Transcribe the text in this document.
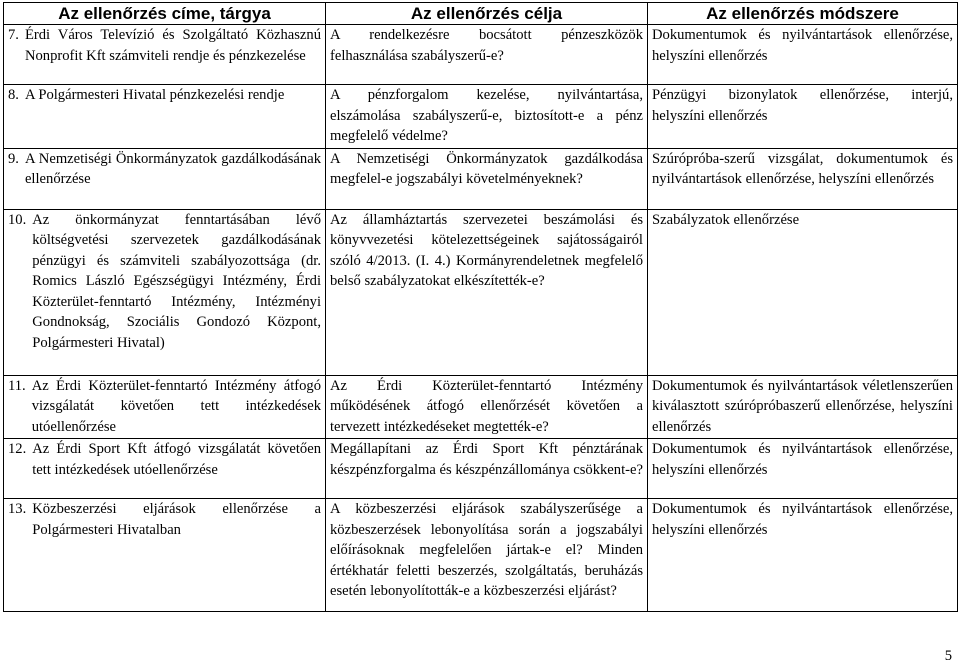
Az ellenőrzés címe, tárgya	Az ellenőrzés célja	Az ellenőrzés módszere

7. Érdi Város Televízió és Szolgáltató Közhasznú Nonprofit Kft számviteli rendje és pénzkezelése	A rendelkezésre bocsátott pénzeszközök felhasználása szabályszerű-e?	Dokumentumok és nyilvántartások ellenőrzése, helyszíni ellenőrzés

8. A Polgármesteri Hivatal pénzkezelési rendje	A pénzforgalom kezelése, nyilvántartása, elszámolása szabályszerű-e, biztosított-e a pénz megfelelő védelme?	Pénzügyi bizonylatok ellenőrzése, interjú, helyszíni ellenőrzés

9. A Nemzetiségi Önkormányzatok gazdálkodásának ellenőrzése	A Nemzetiségi Önkormányzatok gazdálkodása megfelel-e jogszabályi követelményeknek?	Szúrópróba-szerű vizsgálat, dokumentumok és nyilvántartások ellenőrzése, helyszíni ellenőrzés

10. Az önkormányzat fenntartásában lévő költségvetési szervezetek gazdálkodásának pénzügyi és számviteli szabályozottsága (dr. Romics László Egészségügyi Intézmény, Érdi Közterület-fenntartó Intézmény, Intézményi Gondnokság, Szociális Gondozó Központ, Polgármesteri Hivatal)	Az államháztartás szervezetei beszámolási és könyvvezetési kötelezettségeinek sajátosságairól szóló 4/2013. (I. 4.) Kormányrendeletnek megfelelő belső szabályzatokat elkészítették-e?	Szabályzatok ellenőrzése

11. Az Érdi Közterület-fenntartó Intézmény átfogó vizsgálatát követően tett intézkedések utóellenőrzése	Az Érdi Közterület-fenntartó Intézmény működésének átfogó ellenőrzését követően a tervezett intézkedéseket megtették-e?	Dokumentumok és nyilvántartások véletlenszerűen kiválasztott szúrópróbaszerű ellenőrzése, helyszíni ellenőrzés

12. Az Érdi Sport Kft átfogó vizsgálatát követően tett intézkedések utóellenőrzése	Megállapítani az Érdi Sport Kft pénztárának készpénzforgalma és készpénzállománya csökkent-e?	Dokumentumok és nyilvántartások ellenőrzése, helyszíni ellenőrzés

13. Közbeszerzési eljárások ellenőrzése a Polgármesteri Hivatalban	A közbeszerzési eljárások szabályszerűsége a közbeszerzések lebonyolítása során a jogszabályi előírásoknak megfelelően jártak-e el? Minden értékhatár feletti beszerzés, szolgáltatás, beruházás esetén lebonyolították-e a közbeszerzési eljárást?	Dokumentumok és nyilvántartások ellenőrzése, helyszíni ellenőrzés
5
